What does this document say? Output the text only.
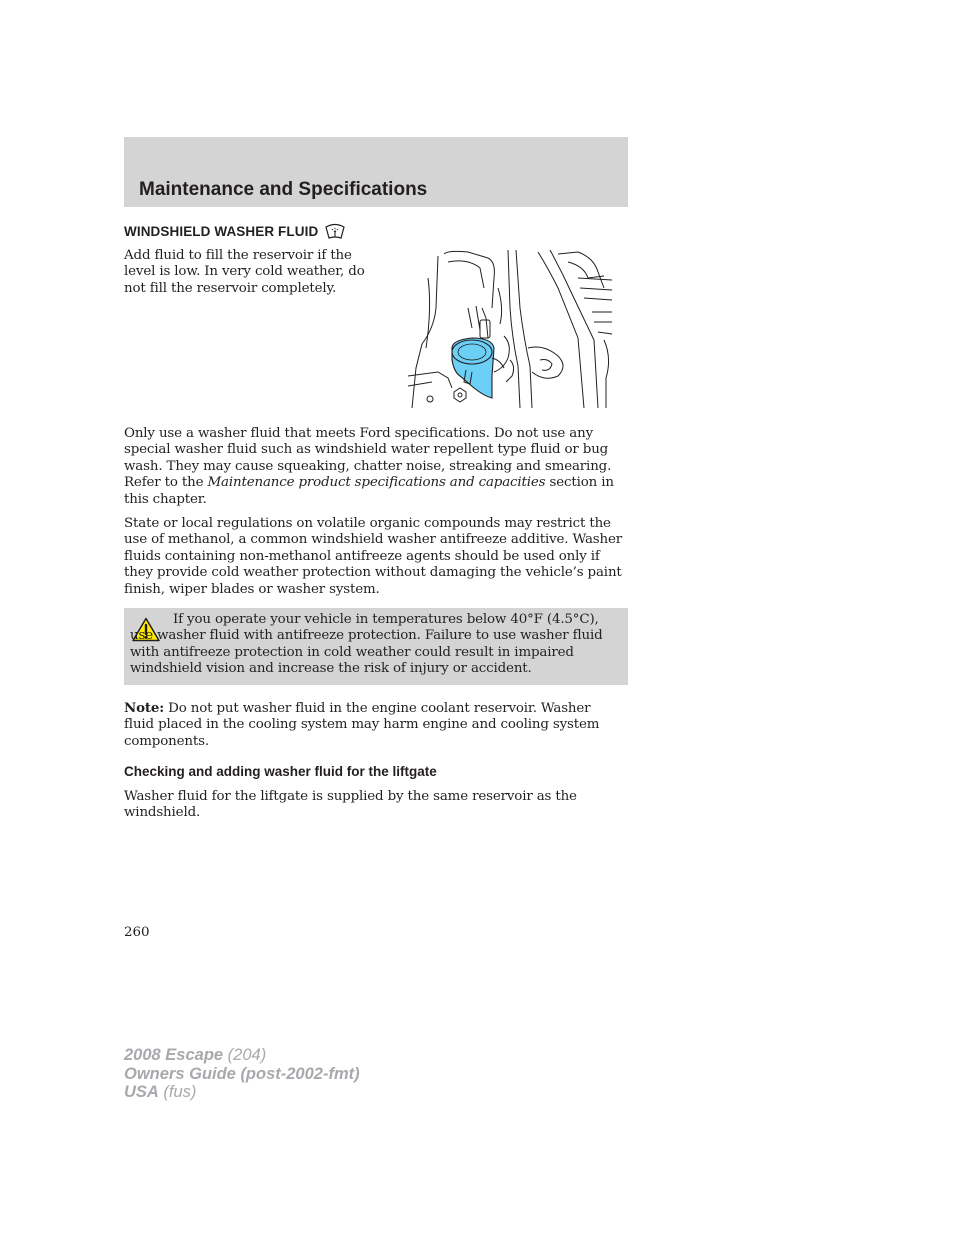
Maintenance and Specifications
WINDSHIELD WASHER FLUID

Add fluid to fill the reservoir if the level is low. In very cold weather, do not fill the reservoir completely.

Only use a washer fluid that meets Ford specifications. Do not use any special washer fluid such as windshield water repellent type fluid or bug wash. They may cause squeaking, chatter noise, streaking and smearing. Refer to the Maintenance product specifications and capacities section in this chapter.

State or local regulations on volatile organic compounds may restrict the use of methanol, a common windshield washer antifreeze additive. Washer fluids containing non-methanol antifreeze agents should be used only if they provide cold weather protection without damaging the vehicle’s paint finish, wiper blades or washer system.

If you operate your vehicle in temperatures below 40°F (4.5°C), use washer fluid with antifreeze protection. Failure to use washer fluid with antifreeze protection in cold weather could result in impaired windshield vision and increase the risk of injury or accident.

Note: Do not put washer fluid in the engine coolant reservoir. Washer fluid placed in the cooling system may harm engine and cooling system components.

Checking and adding washer fluid for the liftgate

Washer fluid for the liftgate is supplied by the same reservoir as the windshield.

260

2008 Escape (204)
Owners Guide (post-2002-fmt)
USA (fus)
